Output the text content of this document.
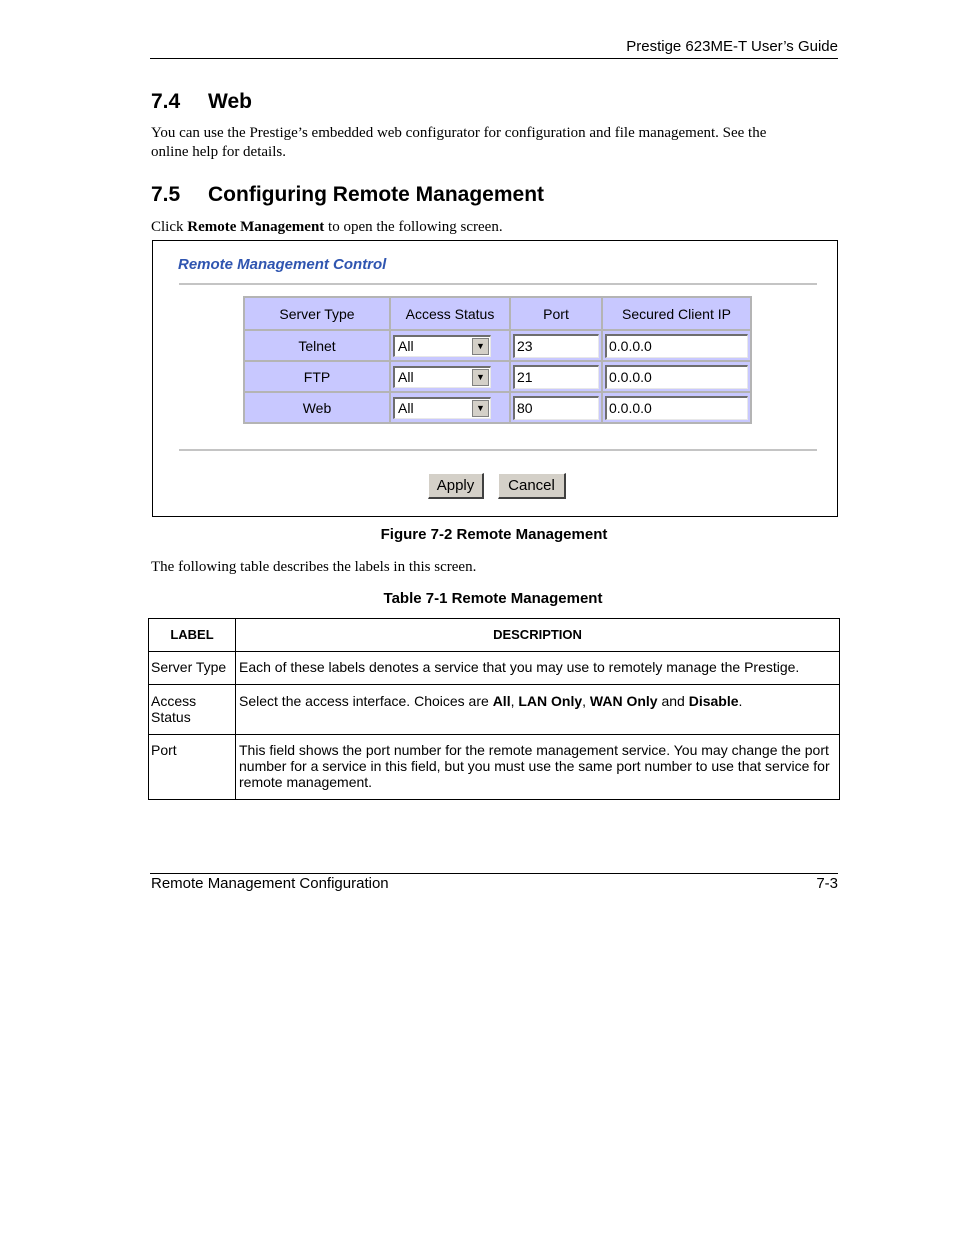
Prestige 623ME-T User’s Guide
7.4 Web
You can use the Prestige’s embedded web configurator for configuration and file management. See the
online help for details.
7.5 Configuring Remote Management
Click Remote Management to open the following screen.
Remote Management Control
Server Type	Access Status	Port	Secured Client IP
Telnet	All ▼	23	0.0.0.0

FTP	All ▼	21	0.0.0.0

Web	All ▼	80	0.0.0.0
Apply	Cancel
Figure 7-2 Remote Management
The following table describes the labels in this screen.
Table 7-1 Remote Management
LABEL	DESCRIPTION
Server Type	Each of these labels denotes a service that you may use to remotely manage the Prestige.

Access
Status	Select the access interface. Choices are All, LAN Only, WAN Only and Disable.
Port	This field shows the port number for the remote management service. You may change the port number for a service in this field, but you must use the same port number to use that service for remote management.
Remote Management Configuration	7-3
